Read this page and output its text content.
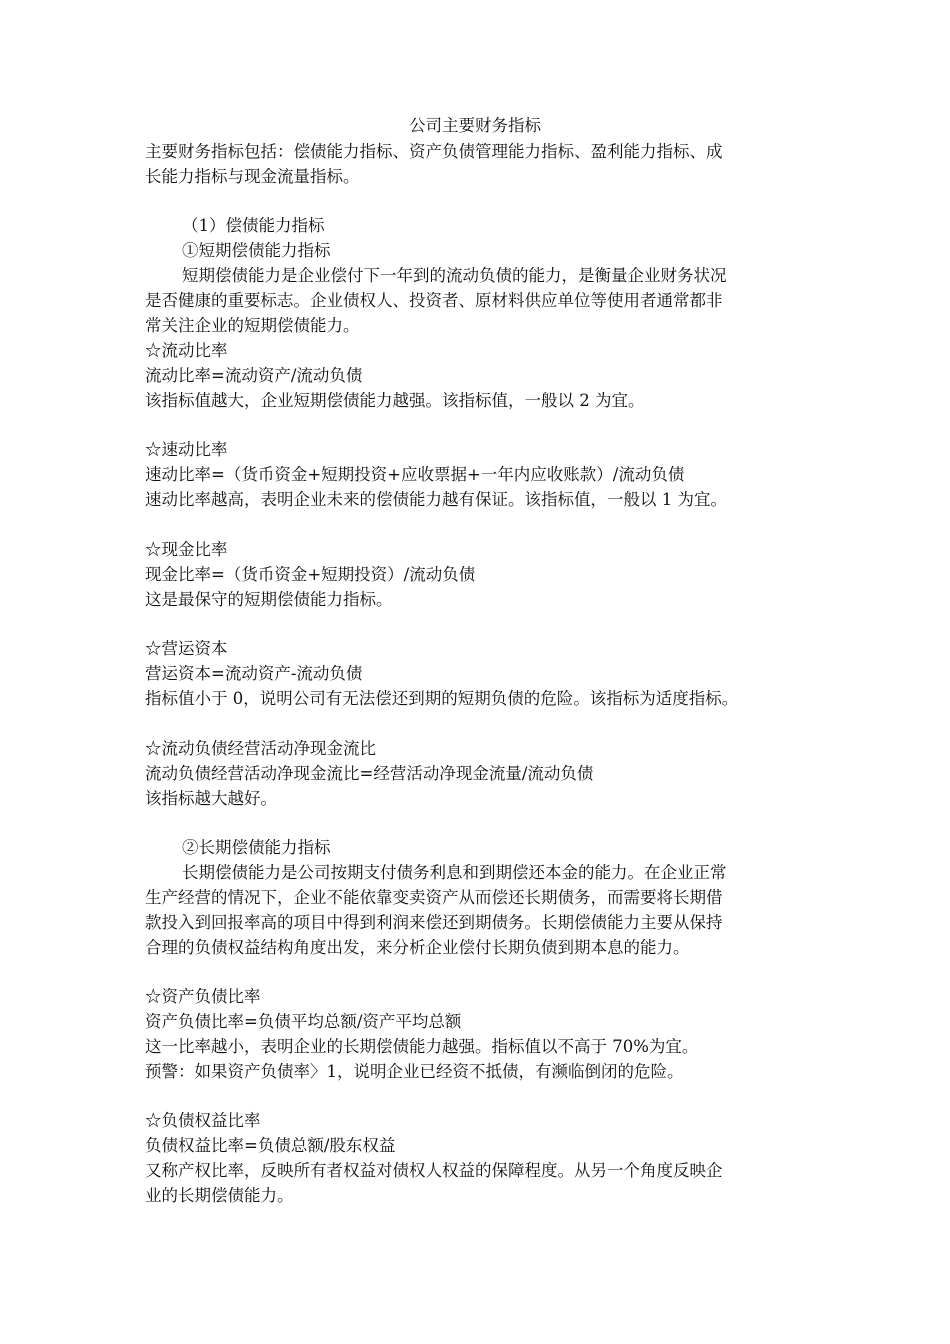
公司主要财务指标
主要财务指标包括：偿债能力指标、资产负债管理能力指标、盈利能力指标、成
长能力指标与现金流量指标。
（1）偿债能力指标
①短期偿债能力指标
短期偿债能力是企业偿付下一年到的流动负债的能力，是衡量企业财务状况
是否健康的重要标志。企业债权人、投资者、原材料供应单位等使用者通常都非
常关注企业的短期偿债能力。
☆流动比率
流动比率=流动资产/流动负债
该指标值越大，企业短期偿债能力越强。该指标值，一般以 2 为宜。
☆速动比率
速动比率=（货币资金+短期投资+应收票据+一年内应收账款）/流动负债
速动比率越高，表明企业未来的偿债能力越有保证。该指标值，一般以 1 为宜。
☆现金比率
现金比率=（货币资金+短期投资）/流动负债
这是最保守的短期偿债能力指标。
☆营运资本
营运资本=流动资产-流动负债
指标值小于 0，说明公司有无法偿还到期的短期负债的危险。该指标为适度指标。
☆流动负债经营活动净现金流比
流动负债经营活动净现金流比=经营活动净现金流量/流动负债
该指标越大越好。
②长期偿债能力指标
长期偿债能力是公司按期支付债务利息和到期偿还本金的能力。在企业正常
生产经营的情况下，企业不能依靠变卖资产从而偿还长期债务，而需要将长期借
款投入到回报率高的项目中得到利润来偿还到期债务。长期偿债能力主要从保持
合理的负债权益结构角度出发，来分析企业偿付长期负债到期本息的能力。
☆资产负债比率
资产负债比率=负债平均总额/资产平均总额
这一比率越小，表明企业的长期偿债能力越强。指标值以不高于 70%为宜。
预警：如果资产负债率〉1，说明企业已经资不抵债，有濒临倒闭的危险。
☆负债权益比率
负债权益比率=负债总额/股东权益
又称产权比率，反映所有者权益对债权人权益的保障程度。从另一个角度反映企
业的长期偿债能力。
